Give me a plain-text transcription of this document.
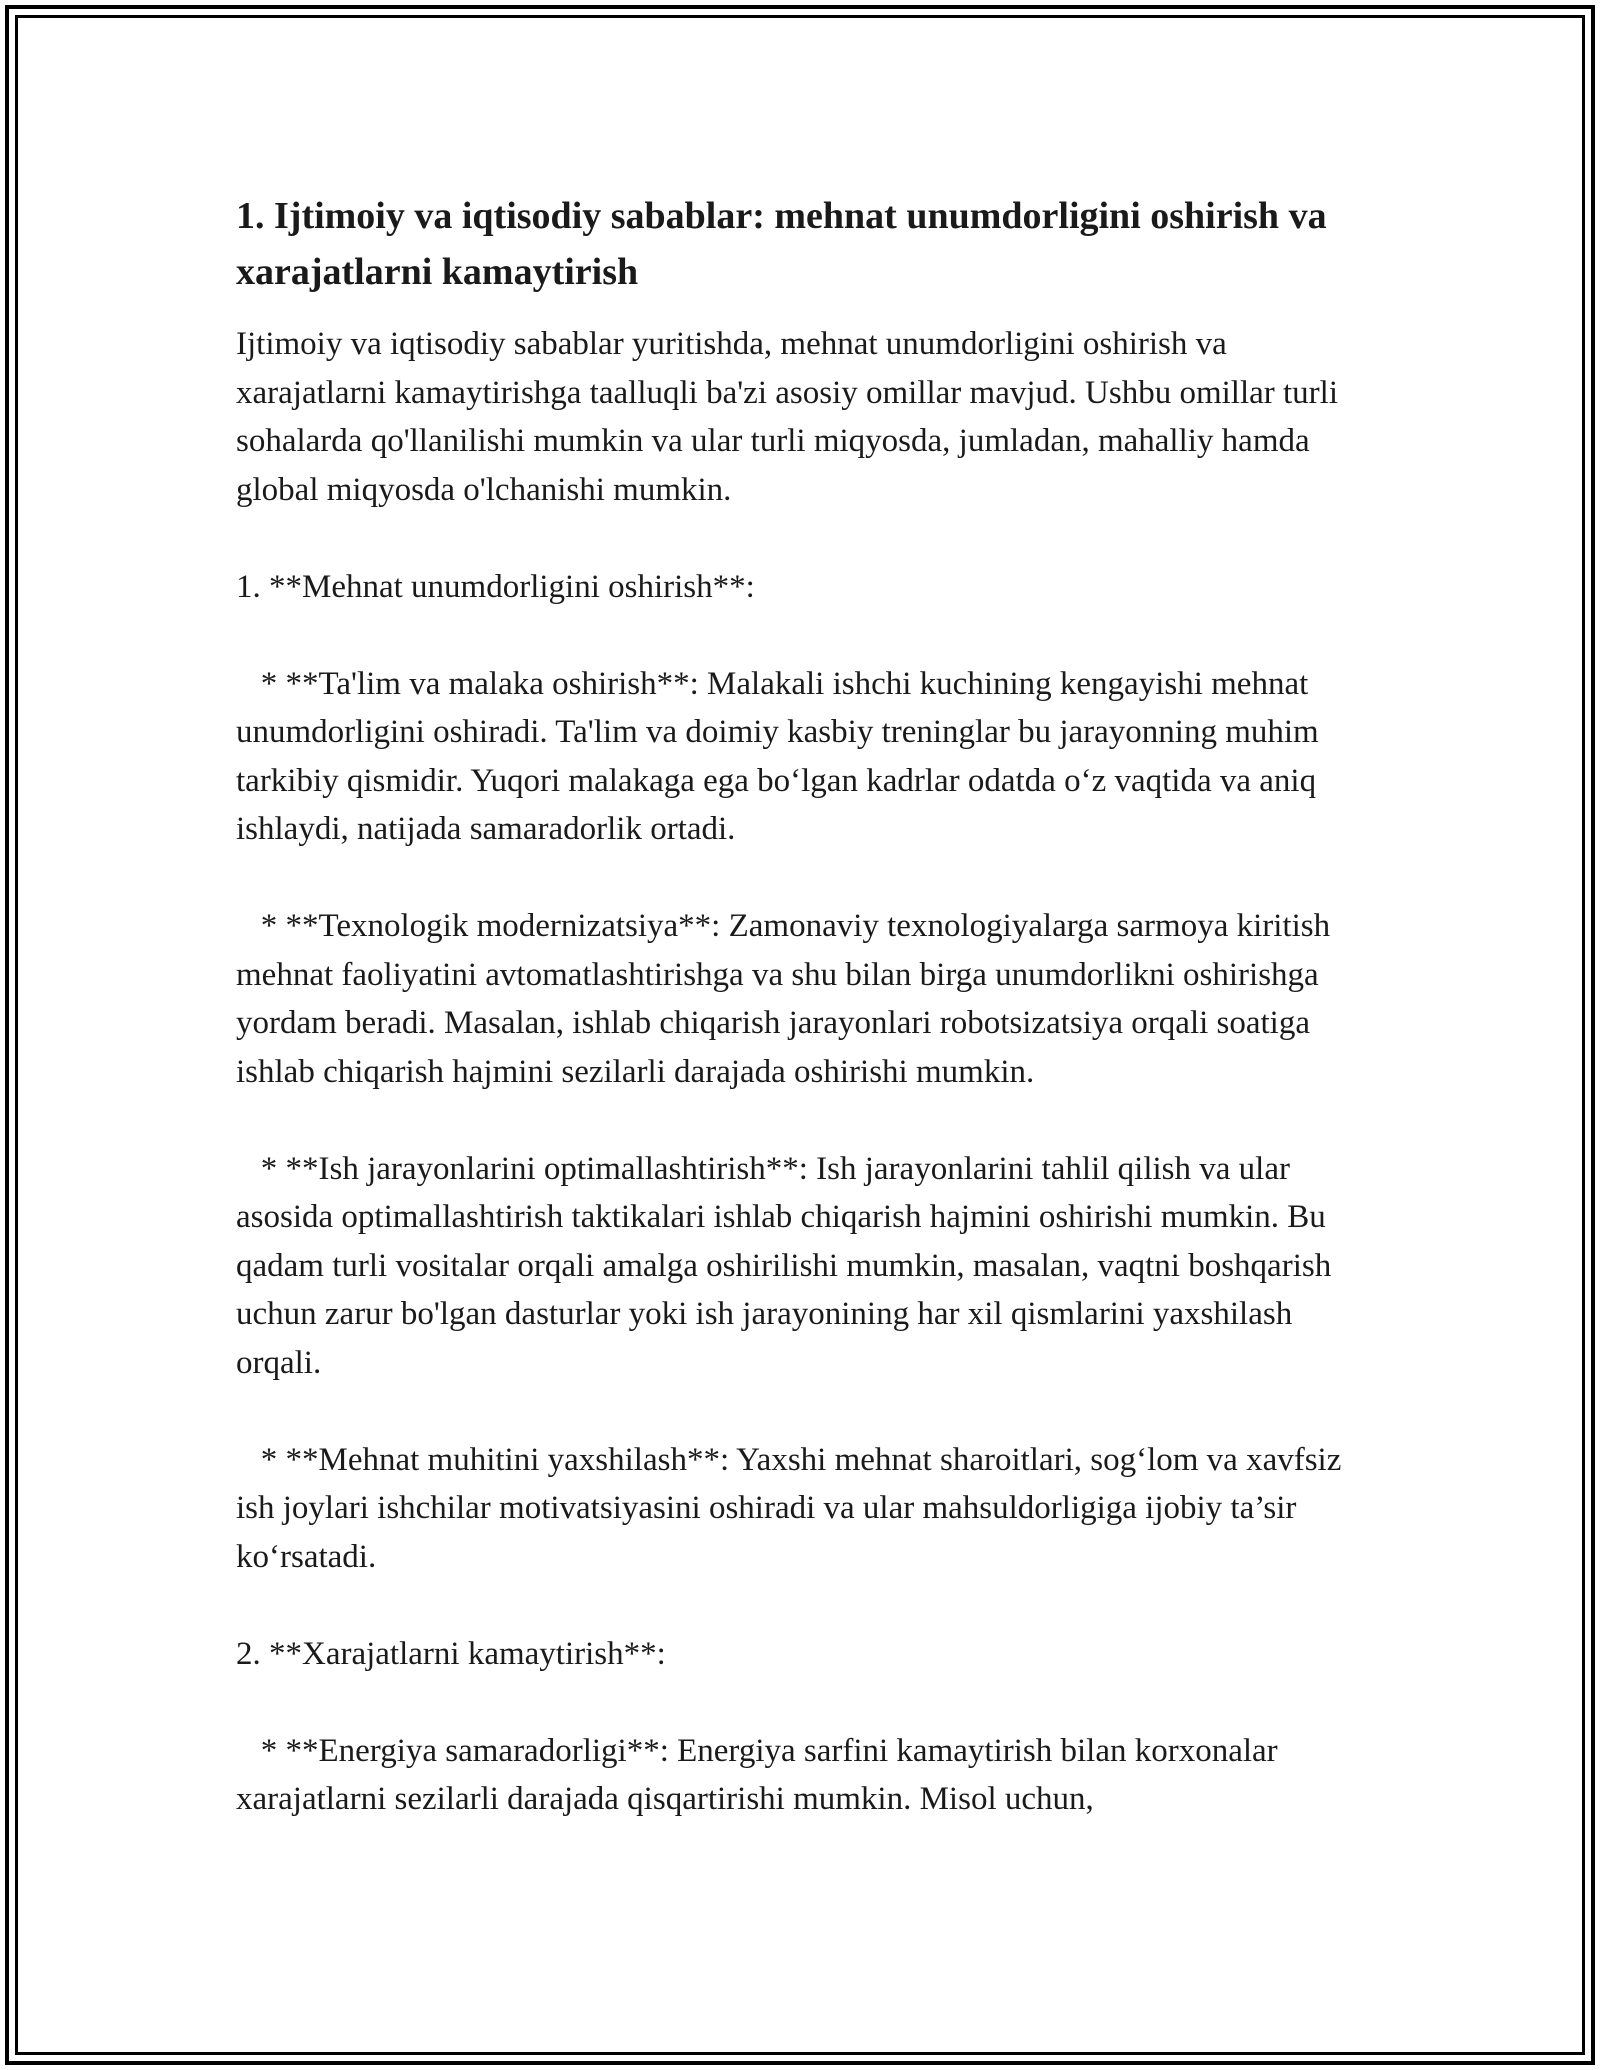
1. Ijtimoiy va iqtisodiy sabablar: mehnat unumdorligini oshirish va xarajatlarni kamaytirish

Ijtimoiy va iqtisodiy sabablar yuritishda, mehnat unumdorligini oshirish va xarajatlarni kamaytirishga taalluqli ba'zi asosiy omillar mavjud. Ushbu omillar turli sohalarda qo'llanilishi mumkin va ular turli miqyosda, jumladan, mahalliy hamda global miqyosda o'lchanishi mumkin.

1. **Mehnat unumdorligini oshirish**:

* **Ta'lim va malaka oshirish**: Malakali ishchi kuchining kengayishi mehnat unumdorligini oshiradi. Ta'lim va doimiy kasbiy treninglar bu jarayonning muhim tarkibiy qismidir. Yuqori malakaga ega bo‘lgan kadrlar odatda o‘z vaqtida va aniq ishlaydi, natijada samaradorlik ortadi.

* **Texnologik modernizatsiya**: Zamonaviy texnologiyalarga sarmoya kiritish mehnat faoliyatini avtomatlashtirishga va shu bilan birga unumdorlikni oshirishga yordam beradi. Masalan, ishlab chiqarish jarayonlari robotsizatsiya orqali soatiga ishlab chiqarish hajmini sezilarli darajada oshirishi mumkin.

* **Ish jarayonlarini optimallashtirish**: Ish jarayonlarini tahlil qilish va ular asosida optimallashtirish taktikalari ishlab chiqarish hajmini oshirishi mumkin. Bu qadam turli vositalar orqali amalga oshirilishi mumkin, masalan, vaqtni boshqarish uchun zarur bo'lgan dasturlar yoki ish jarayonining har xil qismlarini yaxshilash orqali.

* **Mehnat muhitini yaxshilash**: Yaxshi mehnat sharoitlari, sog‘lom va xavfsiz ish joylari ishchilar motivatsiyasini oshiradi va ular mahsuldorligiga ijobiy ta’sir ko‘rsatadi.

2. **Xarajatlarni kamaytirish**:

* **Energiya samaradorligi**: Energiya sarfini kamaytirish bilan korxonalar xarajatlarni sezilarli darajada qisqartirishi mumkin. Misol uchun,
